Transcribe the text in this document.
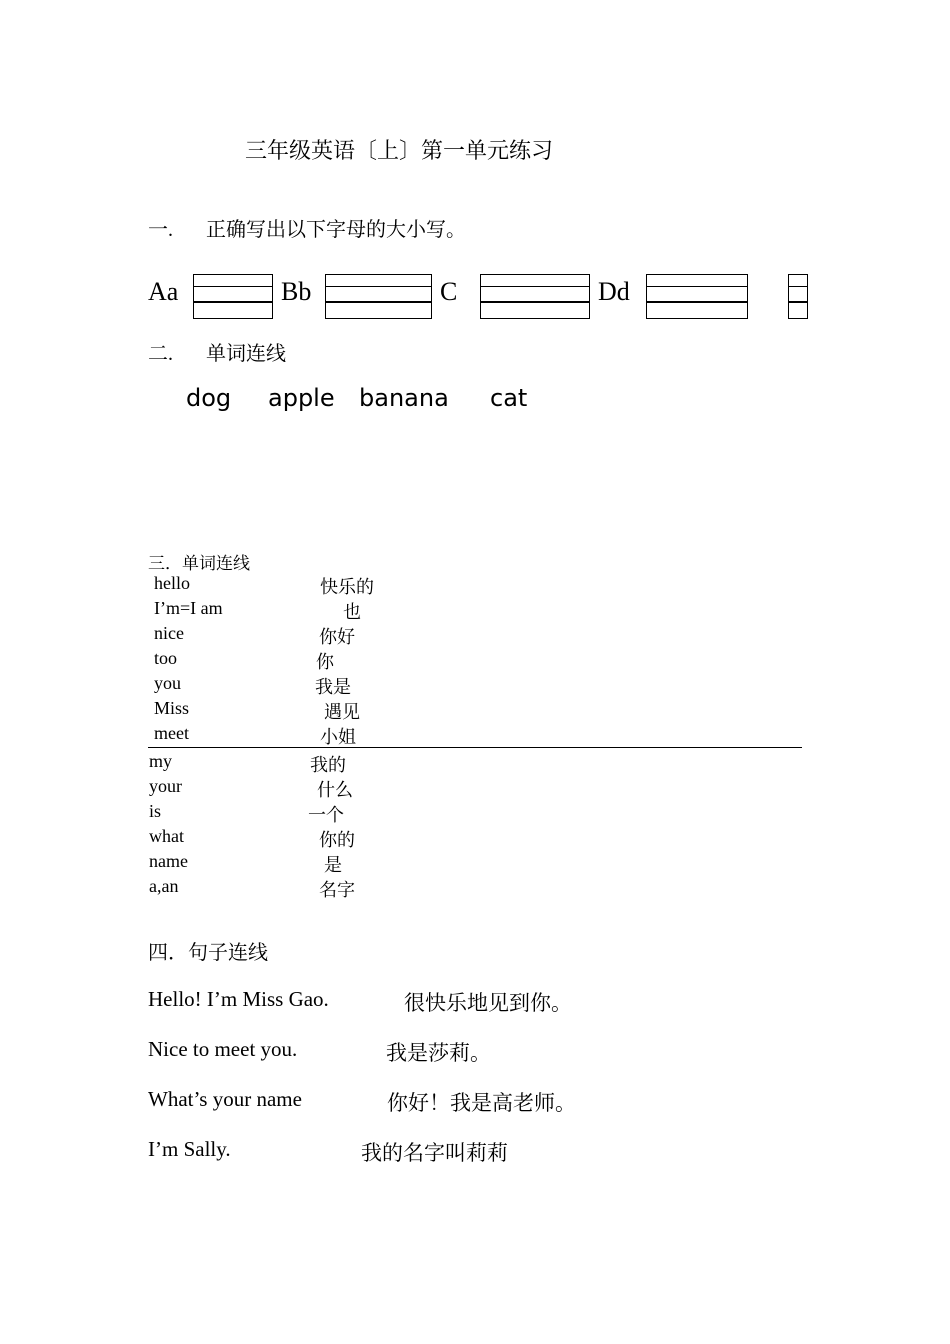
三年级英语〔上〕第一单元练习
一. 正确写出以下字母的大小写。
Aa	Bb	C	Dd
二. 单词连线
dog apple banana cat
三．单词连线
hello	快乐的
I’m=I am	也
nice	你好
too	你
you	我是
Miss	遇见
meet	小姐
my	我的
your	什么
is	一个
what	你的
name	是
a,an	名字
四．句子连线
Hello! I’m Miss Gao.	很快乐地见到你。
Nice to meet you.	我是莎莉。
What’s your name	你好！我是高老师。
I’m Sally.	我的名字叫莉莉
